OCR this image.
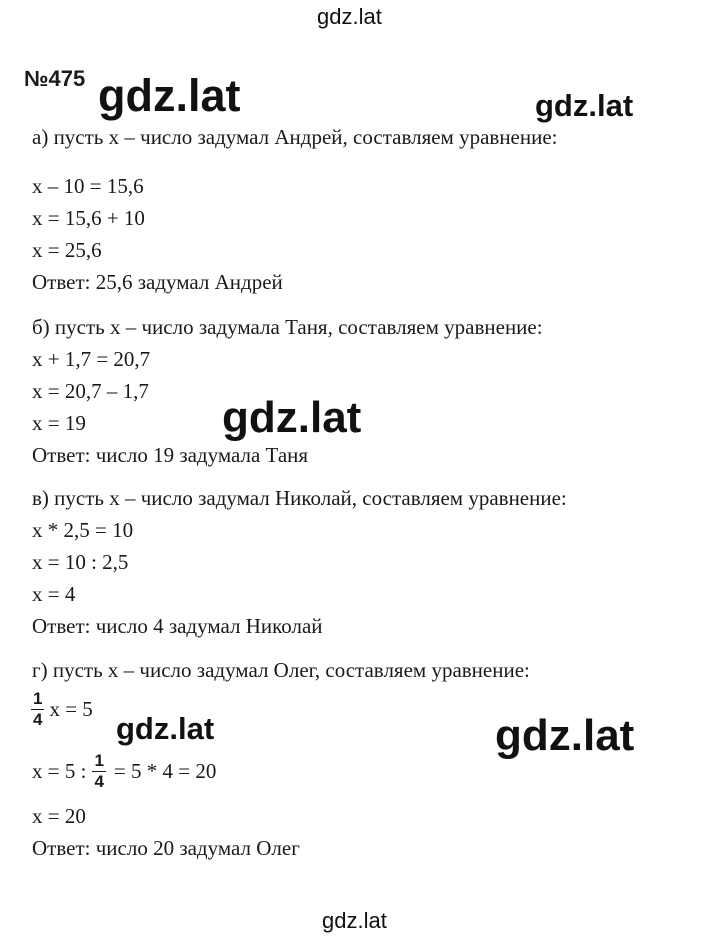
gdz.lat
gdz.lat	gdz.lat
gdz.lat
gdz.lat	gdz.lat
gdz.lat
№475
а) пусть х – число задумал Андрей, составляем уравнение:
х – 10 = 15,6
х = 15,6 + 10
х = 25,6
Ответ: 25,6 задумал Андрей
б) пусть х – число задумала Таня, составляем уравнение:
х + 1,7 = 20,7
х = 20,7 – 1,7
х = 19
Ответ: число 19 задумала Таня
в) пусть х – число задумал Николай, составляем уравнение:
х * 2,5 = 10
х = 10 : 2,5
х = 4
Ответ: число 4 задумал Николай
г) пусть х – число задумал Олег, составляем уравнение:
$\frac{1}{4}$ х = 5
х = 5 : $\frac{1}{4} = 5 * 4 = 20$
х = 20
Ответ: число 20 задумал Олег
